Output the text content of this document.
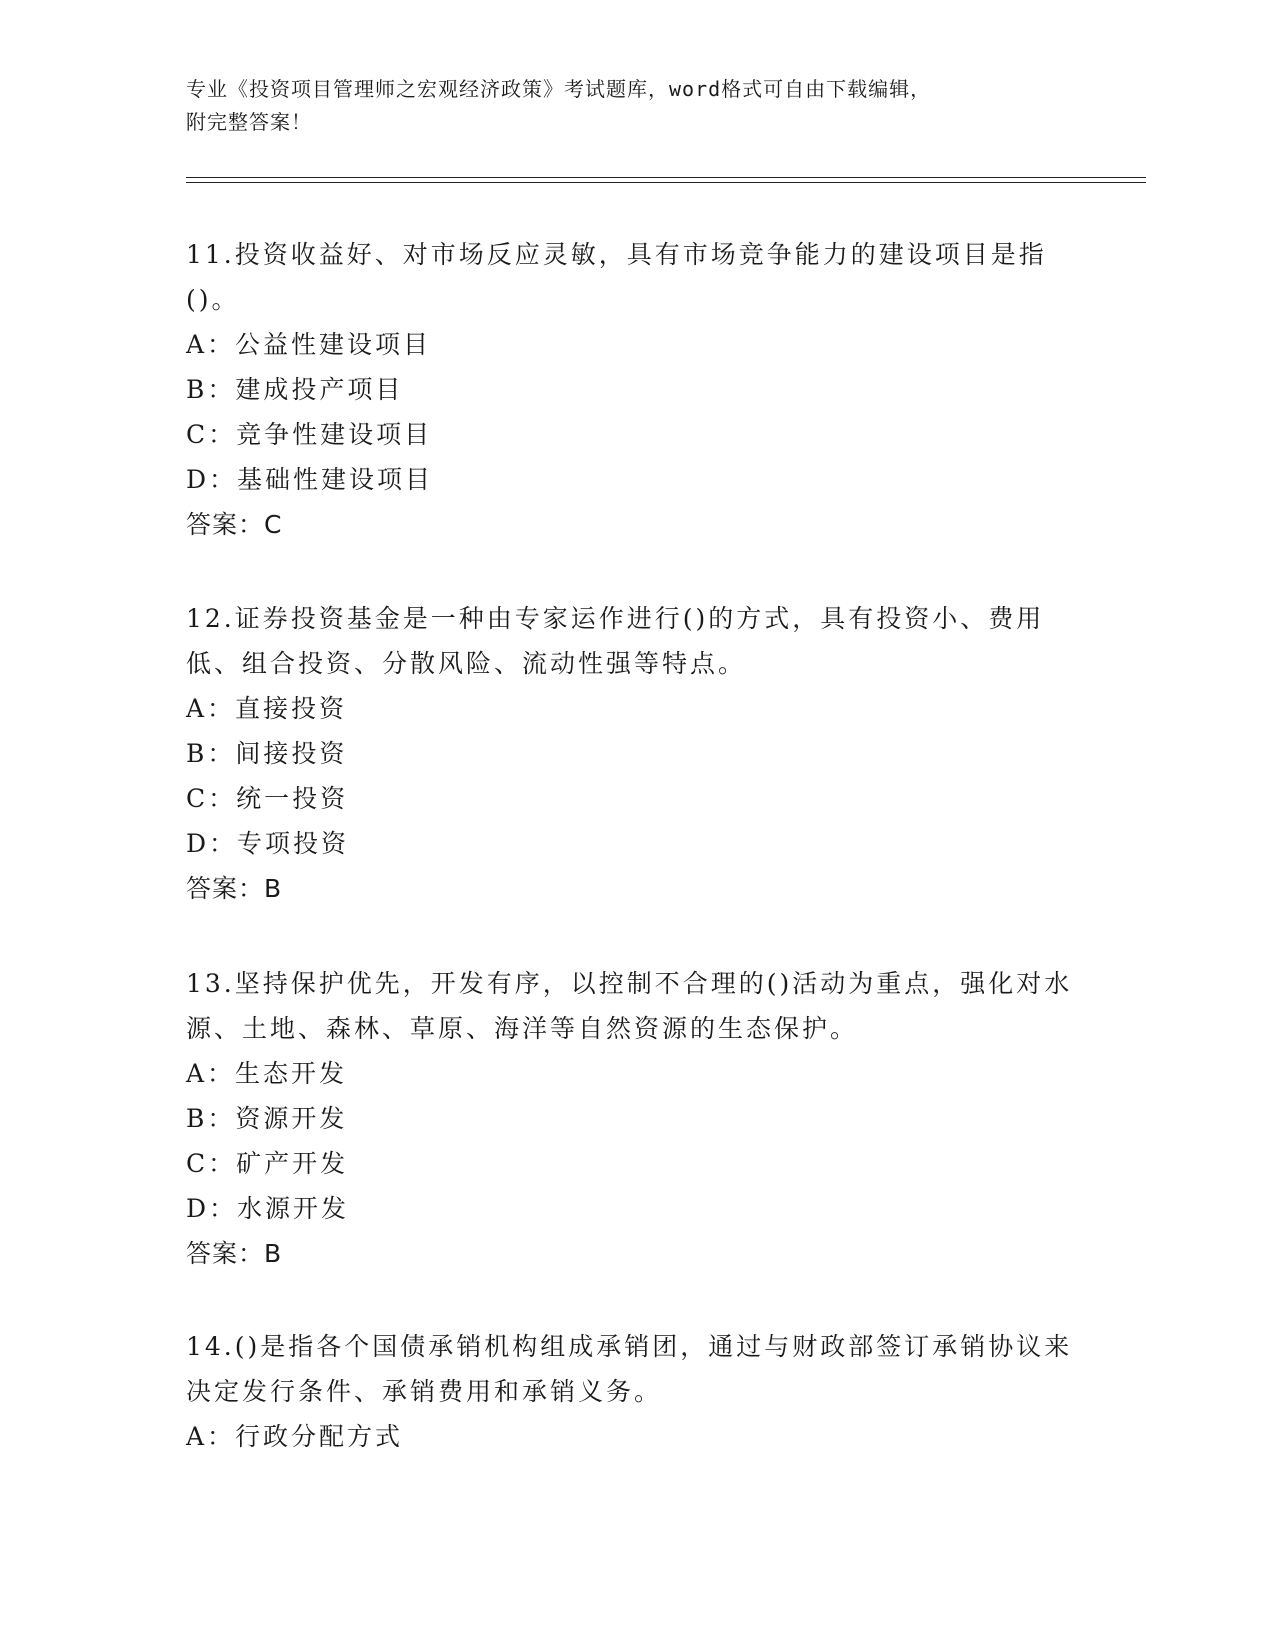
专业《投资项目管理师之宏观经济政策》考试题库，word格式可自由下载编辑，

附完整答案！

11.投资收益好、对市场反应灵敏，具有市场竞争能力的建设项目是指()。

A：公益性建设项目

B：建成投产项目

C：竞争性建设项目

D：基础性建设项目

答案：C

12.证券投资基金是一种由专家运作进行()的方式，具有投资小、费用低、组合投资、分散风险、流动性强等特点。

A：直接投资

B：间接投资

C：统一投资

D：专项投资

答案：B

13.坚持保护优先，开发有序，以控制不合理的()活动为重点，强化对水源、土地、森林、草原、海洋等自然资源的生态保护。

A：生态开发

B：资源开发

C：矿产开发

D：水源开发

答案：B

14.()是指各个国债承销机构组成承销团，通过与财政部签订承销协议来决定发行条件、承销费用和承销义务。

A：行政分配方式
